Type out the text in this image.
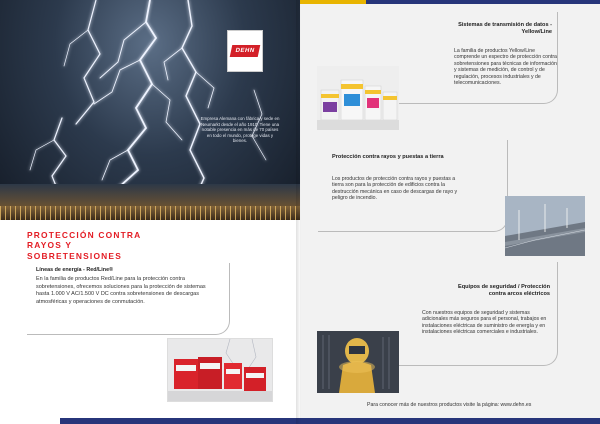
DEHN
Empresa Alemana con fábrica y sede en Neumarkt desde el año 1910. Tiene una notable presencia en más de 70 países en todo el mundo, protege vidas y bienes.
PROTECCIÓN CONTRA RAYOS Y SOBRETENSIONES
Líneas de energía - Red/Line®
En la familia de productos Red/Line para la protección contra sobretensiones, ofrecemos soluciones para la protección de sistemas hasta 1.000 V AC/1.500 V DC contra sobretensiones de descargas atmosféricas y operaciones de conmutación.
Sistemas de transmisión de datos - Yellow/Line
La familia de productos Yellow/Line comprende un espectro de protección contra sobretensiones para técnicas de información y sistemas de medición, de control y de regulación, procesos industriales y de telecomunicaciones.
Protección contra rayos y puestas a tierra
Los productos de protección contra rayos y puestas a tierra son para la protección de edificios contra la destrucción mecánica en caso de descargas de rayo y peligro de incendio.
Equipos de seguridad / Protección contra arcos eléctricos
Con nuestros equipos de seguridad y sistemas adicionales más seguros para el personal, trabajos en instalaciones eléctricas de suministro de energía y en instalaciones eléctricas comerciales e industriales.
Para conocer más de nuestros productos visite la página: www.dehn.es
